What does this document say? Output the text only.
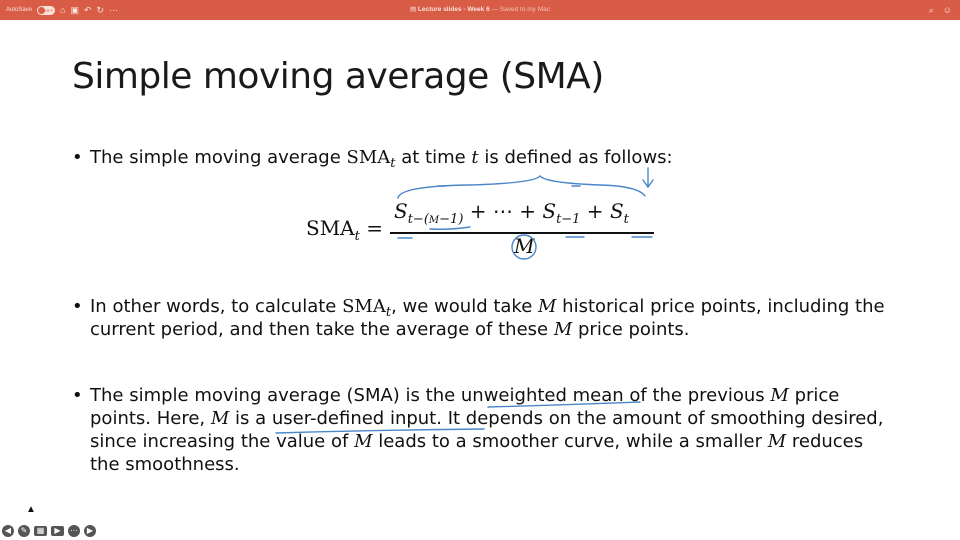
AutoSave	OFF ⌂ ▣ ↶ ↻ ···	▤ Lecture slides - Week 6 — Saved to my Mac	⌕ ☺
Simple moving average (SMA)

• The simple moving average $SMA_t$ at time t is defined as follows:

$SMA_t$ =
$S_{t-(M-1)}$ + ⋯ + $S_{t-1} + S_t$
M

• In other words, to calculate $SMA_t$, we would take M historical price points, including the current period, and then take the average of these M price points.

• The simple moving average (SMA) is the unweighted mean of the previous M price points. Here, M is a user-defined input. It depends on the amount of smoothing desired, since increasing the value of M leads to a smoother curve, while a smaller M reduces the smoothness.

◀	✎	▦	▶	⋯	▶
▲
